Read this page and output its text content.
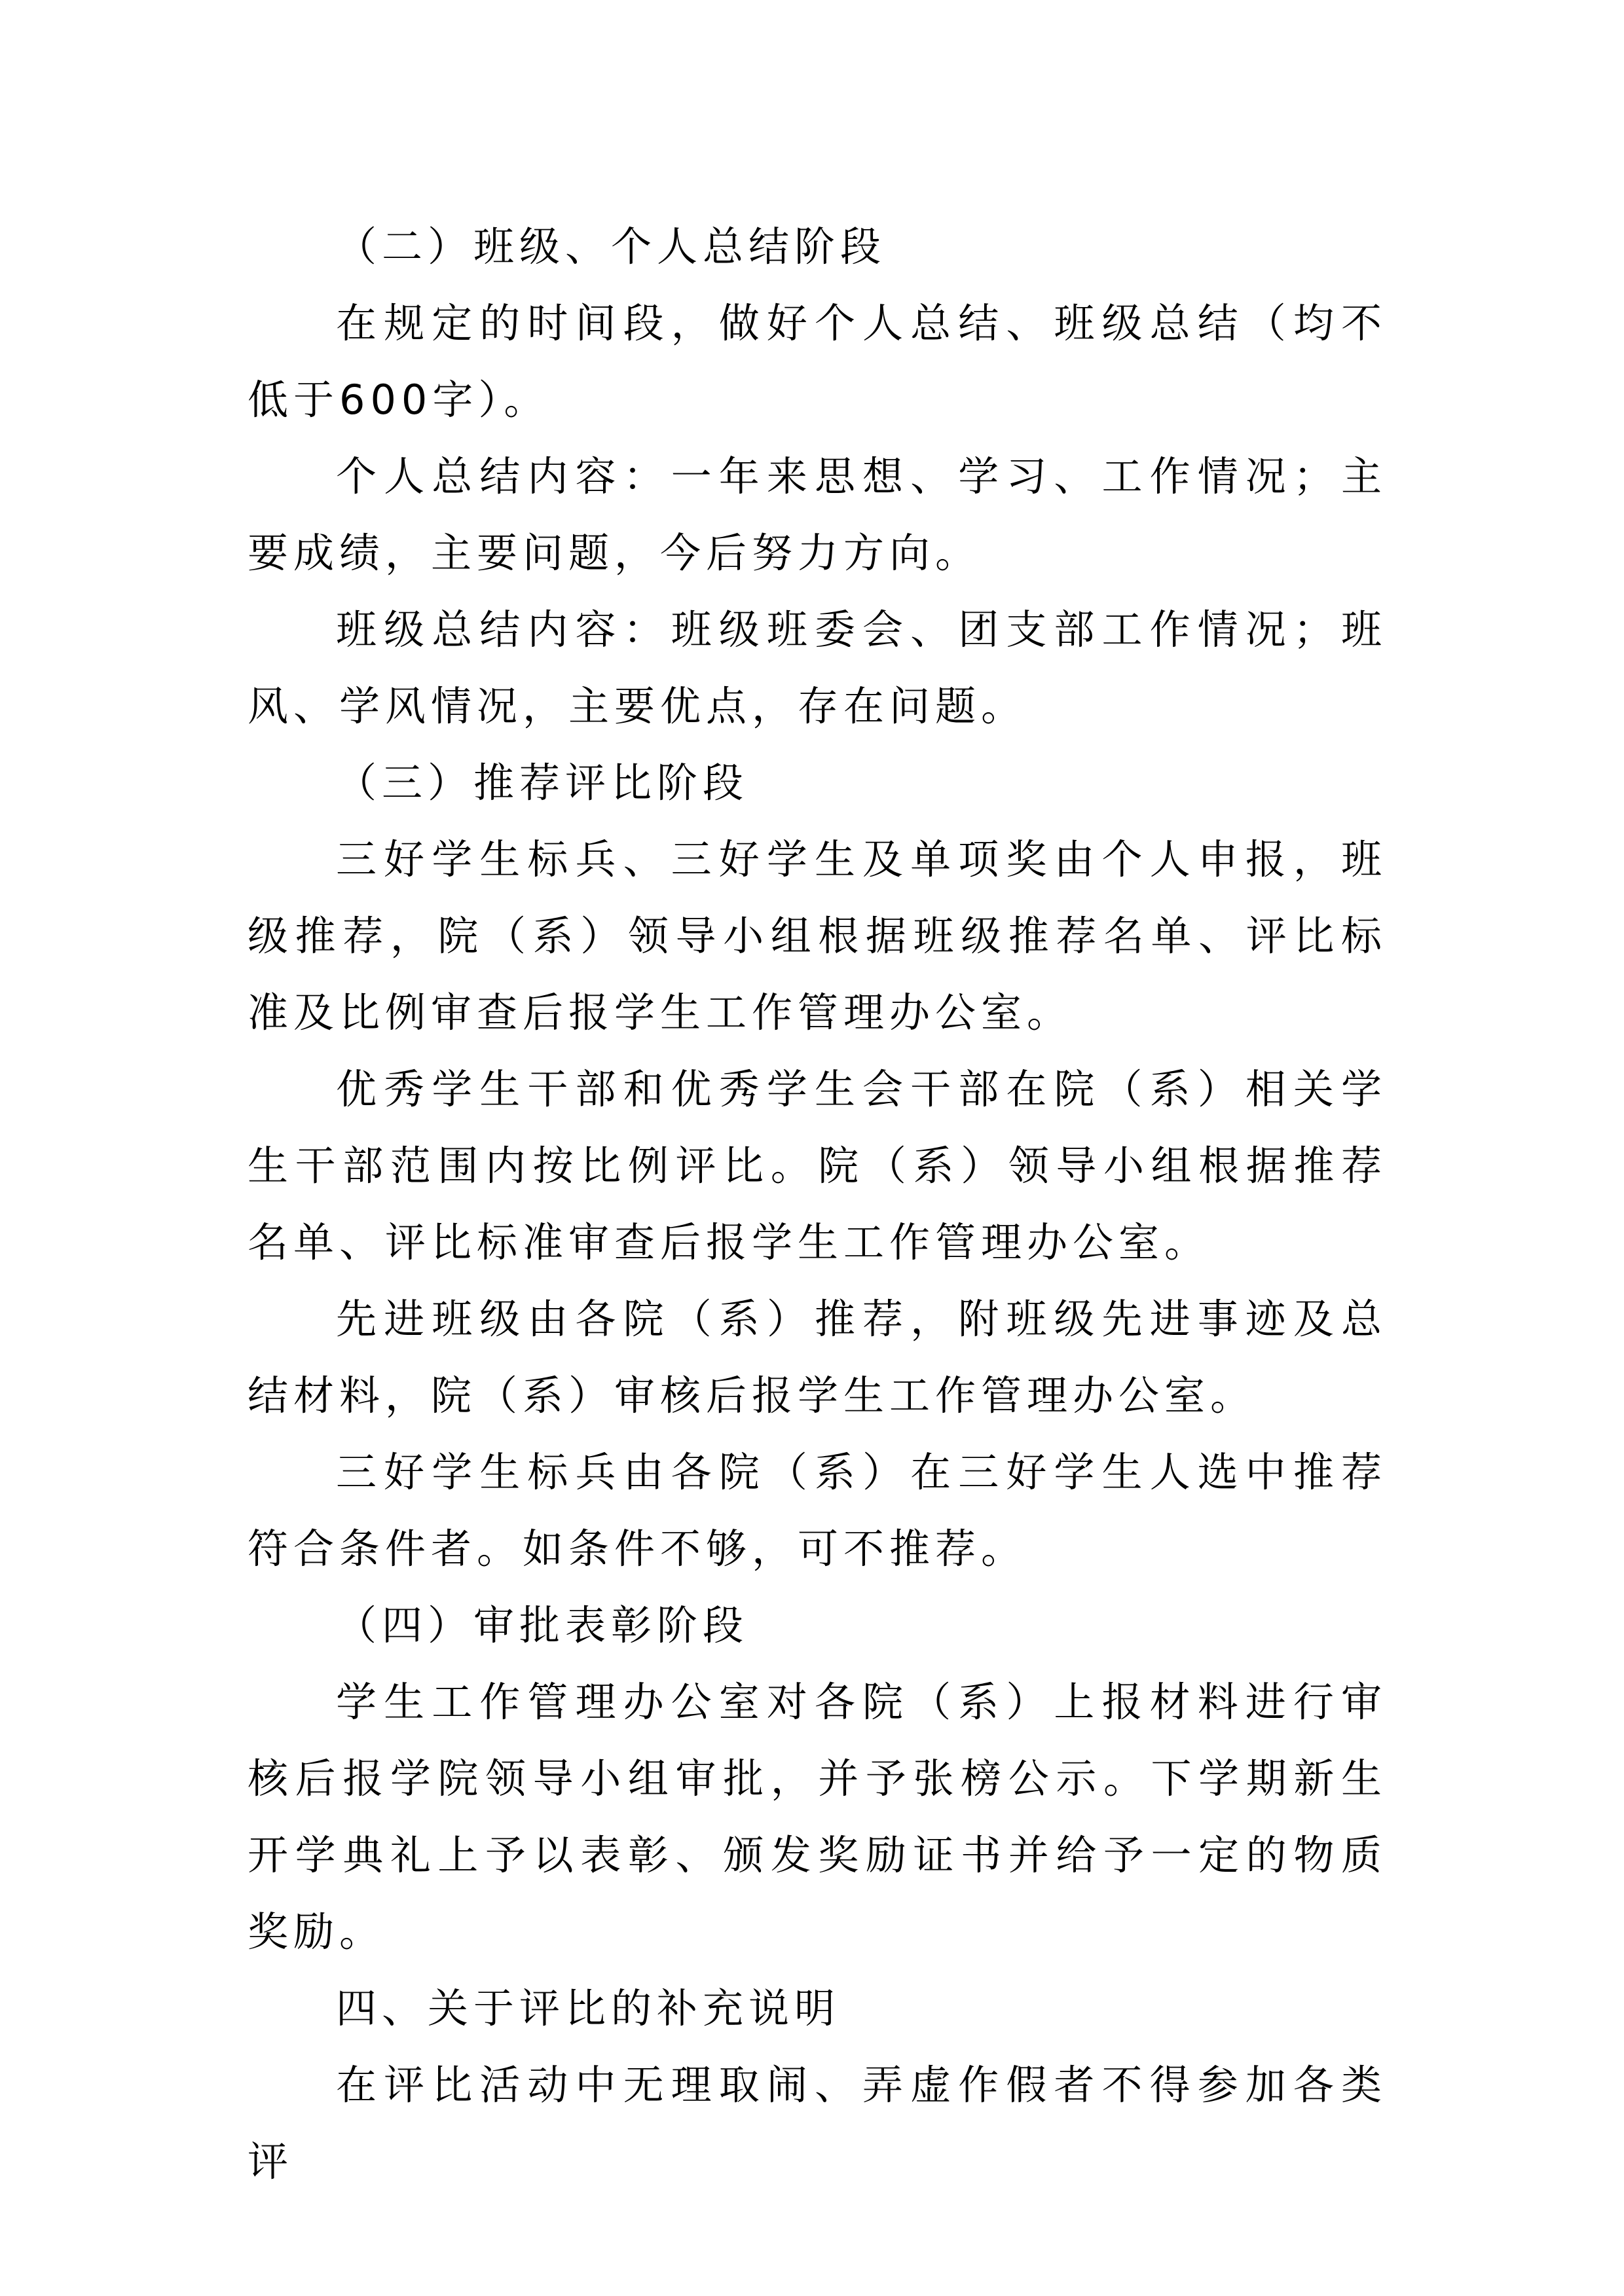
（二）班级、个人总结阶段

在规定的时间段，做好个人总结、班级总结（均不低于600字）。

个人总结内容：一年来思想、学习、工作情况；主要成绩，主要问题，今后努力方向。

班级总结内容：班级班委会、团支部工作情况；班风、学风情况，主要优点，存在问题。

（三）推荐评比阶段

三好学生标兵、三好学生及单项奖由个人申报，班级推荐，院（系）领导小组根据班级推荐名单、评比标准及比例审查后报学生工作管理办公室。

优秀学生干部和优秀学生会干部在院（系）相关学生干部范围内按比例评比。院（系）领导小组根据推荐名单、评比标准审查后报学生工作管理办公室。

先进班级由各院（系）推荐，附班级先进事迹及总结材料，院（系）审核后报学生工作管理办公室。

三好学生标兵由各院（系）在三好学生人选中推荐符合条件者。如条件不够，可不推荐。

（四）审批表彰阶段

学生工作管理办公室对各院（系）上报材料进行审核后报学院领导小组审批，并予张榜公示。下学期新生开学典礼上予以表彰、颁发奖励证书并给予一定的物质奖励。

四、关于评比的补充说明

在评比活动中无理取闹、弄虚作假者不得参加各类评
